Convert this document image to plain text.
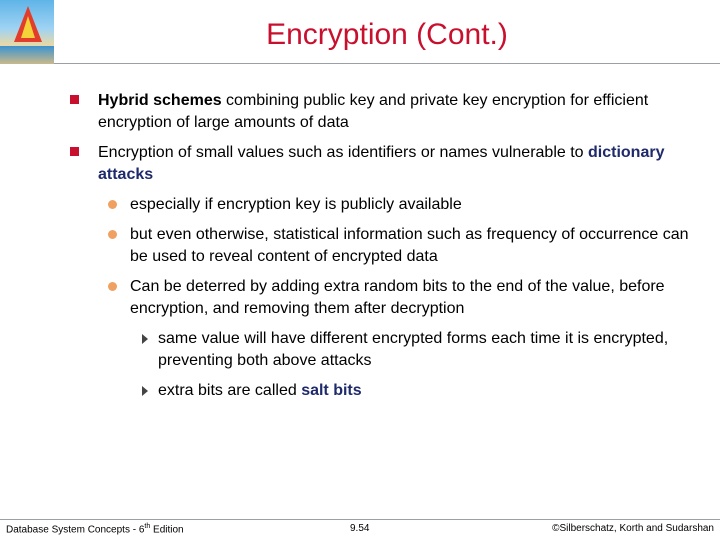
Encryption (Cont.)
Hybrid schemes combining public key and private key encryption for efficient encryption of large amounts of data
Encryption of small values such as identifiers or names vulnerable to dictionary attacks
especially if encryption key is publicly available
but even otherwise, statistical information such as frequency of occurrence can be used to reveal content of encrypted data
Can be deterred by adding extra random bits to the end of the value, before encryption, and removing them after decryption
same value will have different encrypted forms each time it is encrypted, preventing both above attacks
extra bits are called salt bits
Database System Concepts - 6th Edition	9.54	©Silberschatz, Korth and Sudarshan
